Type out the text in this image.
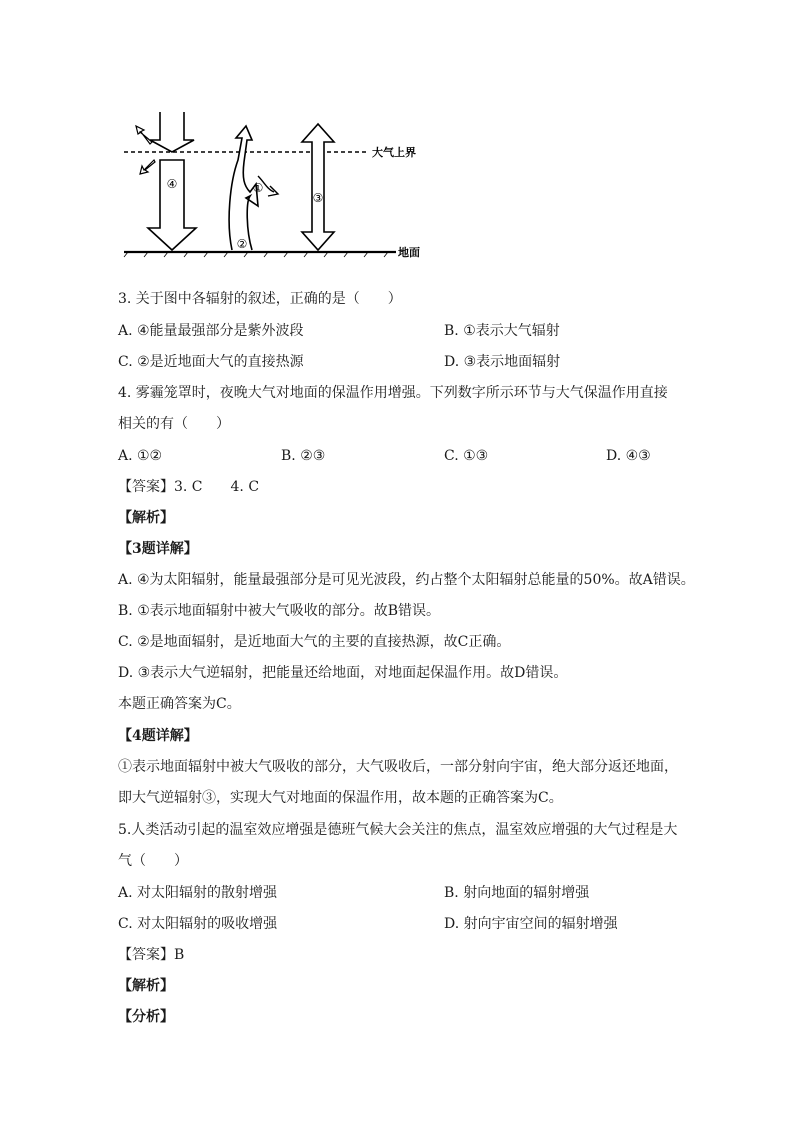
④	①
②
③
大气上界
地面
3. 关于图中各辐射的叙述，正确的是（　　）
A. ④能量最强部分是紫外波段	B. ①表示大气辐射
C. ②是近地面大气的直接热源	D. ③表示地面辐射
4. 雾霾笼罩时，夜晚大气对地面的保温作用增强。下列数字所示环节与大气保温作用直接
相关的有（　　）
A. ①②	B. ②③	C. ①③	D. ④③
【答案】3. C　　4. C
【解析】
【3题详解】
A. ④为太阳辐射，能量最强部分是可见光波段，约占整个太阳辐射总能量的50%。故A错误。
B. ①表示地面辐射中被大气吸收的部分。故B错误。
C. ②是地面辐射，是近地面大气的主要的直接热源，故C正确。
D. ③表示大气逆辐射，把能量还给地面，对地面起保温作用。故D错误。
本题正确答案为C。
【4题详解】
①表示地面辐射中被大气吸收的部分，大气吸收后，一部分射向宇宙，绝大部分返还地面，
即大气逆辐射③，实现大气对地面的保温作用，故本题的正确答案为C。
5.人类活动引起的温室效应增强是德班气候大会关注的焦点，温室效应增强的大气过程是大
气（　　）
A. 对太阳辐射的散射增强	B. 射向地面的辐射增强
C. 对太阳辐射的吸收增强	D. 射向宇宙空间的辐射增强
【答案】B
【解析】
【分析】
